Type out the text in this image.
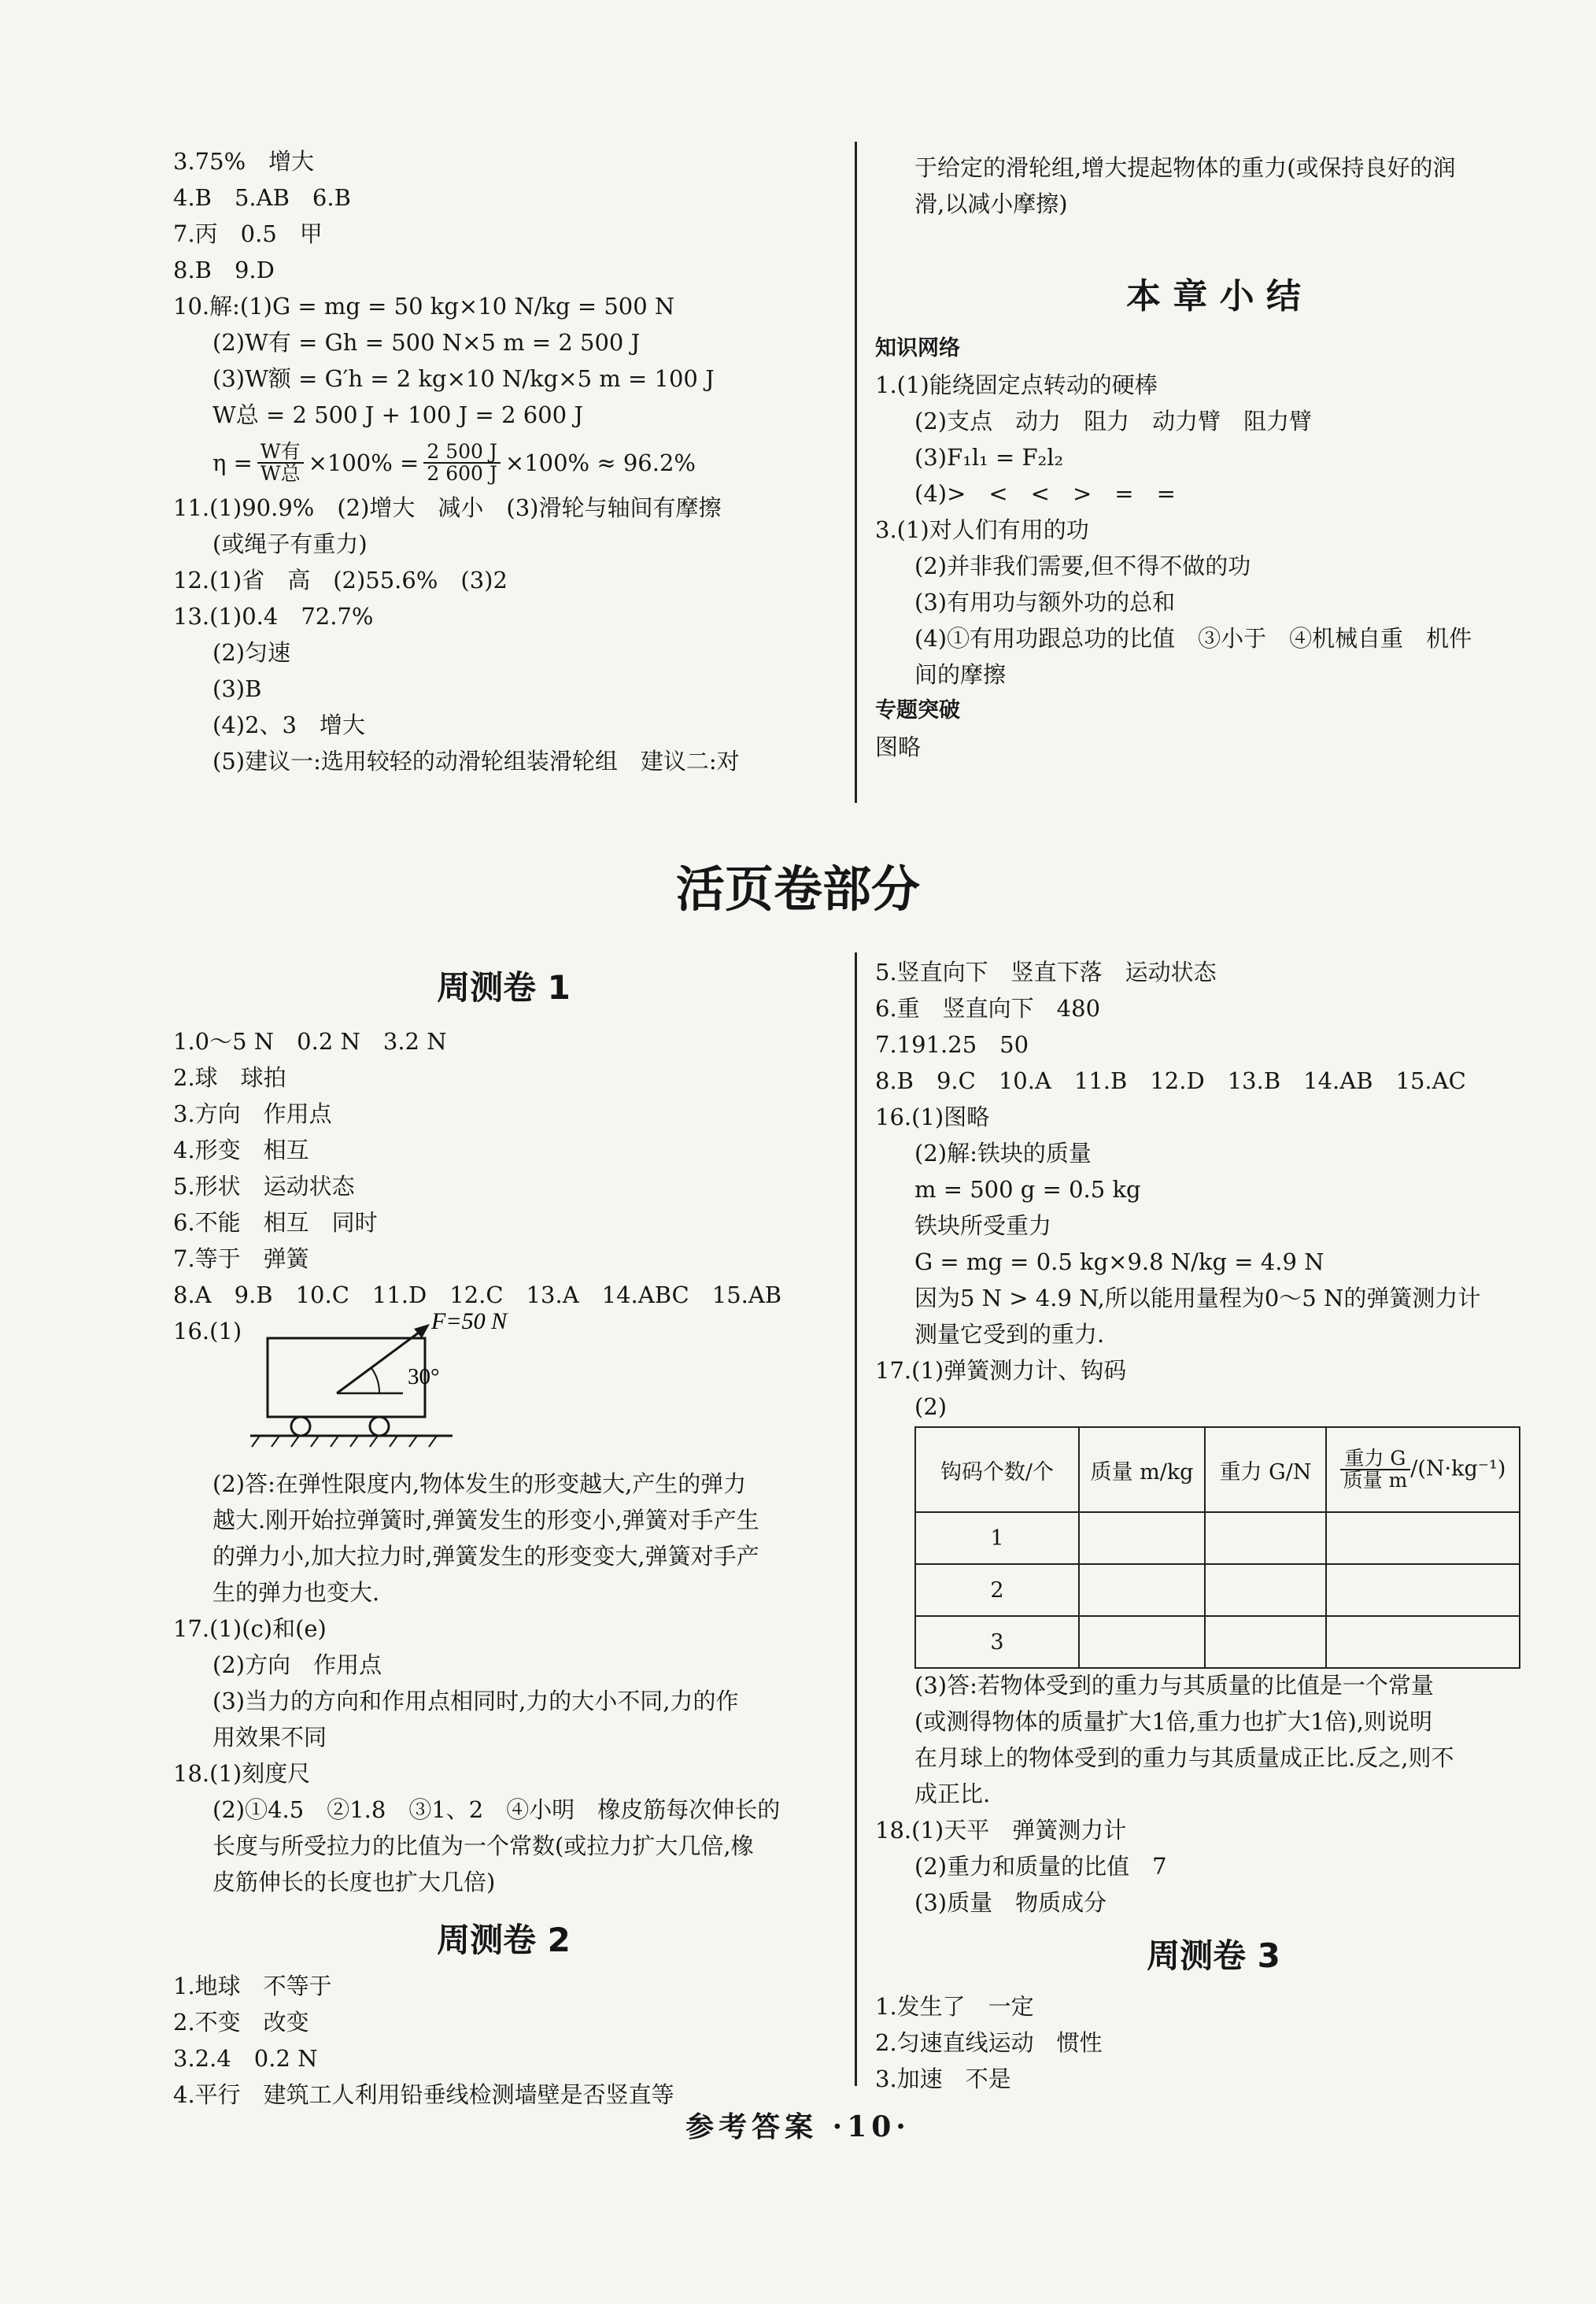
3.75%　增大
4.B　5.AB　6.B
7.丙　0.5　甲
8.B　9.D
10.解:(1)G = mg = 50 kg×10 N/kg = 500 N
(2)W有 = Gh = 500 N×5 m = 2 500 J
(3)W额 = G′h = 2 kg×10 N/kg×5 m = 100 J
W总 = 2 500 J + 100 J = 2 600 J
$\eta = \frac{\text{W有}}{\text{W总}} \times 100\% = \frac{2 500 J}{2 600 J} \times 100\% \approx 96.2\%$
11.(1)90.9%　(2)增大　减小　(3)滑轮与轴间有摩擦
(或绳子有重力)
12.(1)省　高　(2)55.6%　(3)2
13.(1)0.4　72.7%
(2)匀速
(3)B
(4)2、3　增大
(5)建议一:选用较轻的动滑轮组装滑轮组　建议二:对
于给定的滑轮组,增大提起物体的重力(或保持良好的润
滑,以减小摩擦)
本 章 小 结
知识网络
1.(1)能绕固定点转动的硬棒
(2)支点　动力　阻力　动力臂　阻力臂
(3)F₁l₁ = F₂l₂
(4)>　<　<　>　=　=
3.(1)对人们有用的功
(2)并非我们需要,但不得不做的功
(3)有用功与额外功的总和
(4)①有用功跟总功的比值　③小于　④机械自重　机件
间的摩擦
专题突破
图略
活页卷部分
周测卷 1
1.0～5 N　0.2 N　3.2 N
2.球　球拍
3.方向　作用点
4.形变　相互
5.形状　运动状态
6.不能　相互　同时
7.等于　弹簧
8.A　9.B　10.C　11.D　12.C　13.A　14.ABC　15.AB
16.(1)	F=50 N
30°
(2)答:在弹性限度内,物体发生的形变越大,产生的弹力
越大.刚开始拉弹簧时,弹簧发生的形变小,弹簧对手产生
的弹力小,加大拉力时,弹簧发生的形变变大,弹簧对手产
生的弹力也变大.
17.(1)(c)和(e)
(2)方向　作用点
(3)当力的方向和作用点相同时,力的大小不同,力的作
用效果不同
18.(1)刻度尺
(2)①4.5　②1.8　③1、2　④小明　橡皮筋每次伸长的
长度与所受拉力的比值为一个常数(或拉力扩大几倍,橡
皮筋伸长的长度也扩大几倍)
周测卷 2
1.地球　不等于
2.不变　改变
3.2.4　0.2 N
4.平行　建筑工人利用铅垂线检测墙壁是否竖直等
5.竖直向下　竖直下落　运动状态
6.重　竖直向下　480
7.191.25　50
8.B　9.C　10.A　11.B　12.D　13.B　14.AB　15.AC
16.(1)图略
(2)解:铁块的质量
m = 500 g = 0.5 kg
铁块所受重力
G = mg = 0.5 kg×9.8 N/kg = 4.9 N
因为5 N > 4.9 N,所以能用量程为0～5 N的弹簧测力计
测量它受到的重力.
17.(1)弹簧测力计、钩码
(2)
钩码个数/个	质量 m/kg	重力 G/N	$\frac{\text{重力 G}}{\text{质量 m}} /(N\cdot kg^{-1})$
1			
2			
3			
(3)答:若物体受到的重力与其质量的比值是一个常量
(或测得物体的质量扩大1倍,重力也扩大1倍),则说明
在月球上的物体受到的重力与其质量成正比.反之,则不
成正比.
18.(1)天平　弹簧测力计
(2)重力和质量的比值　7
(3)质量　物质成分
周测卷 3
1.发生了　一定
2.匀速直线运动　惯性
3.加速　不是
参考答案 ·10·
